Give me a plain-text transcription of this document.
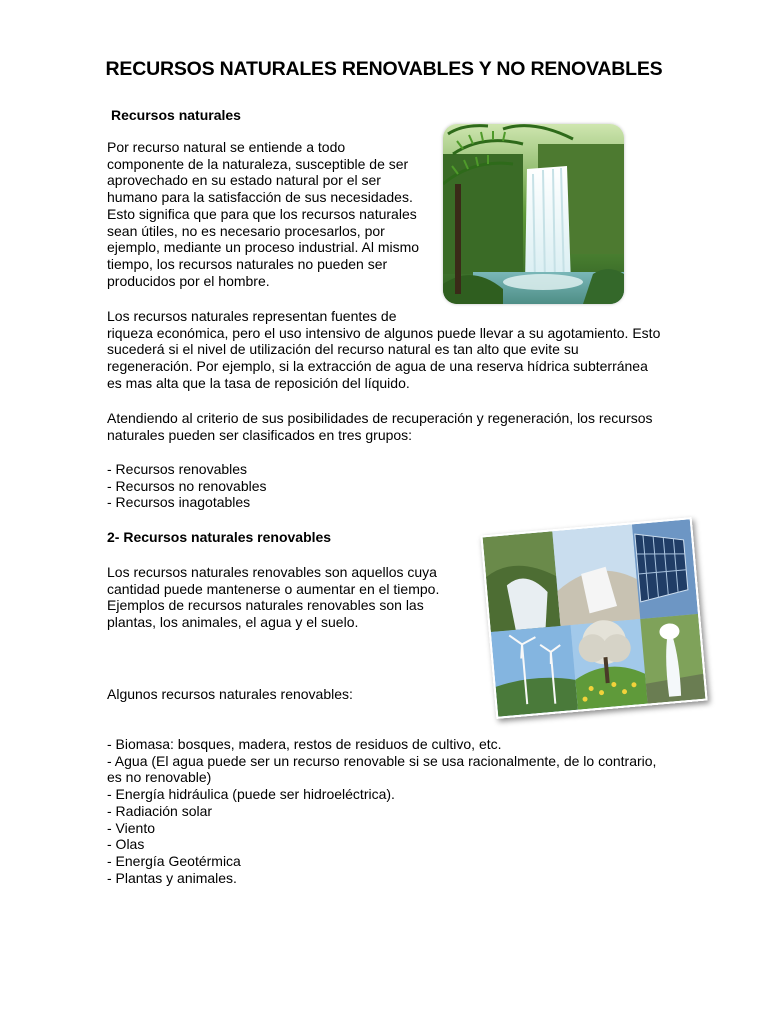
RECURSOS NATURALES RENOVABLES Y NO RENOVABLES
Recursos naturales

Por recurso natural se entiende a todo
componente de la naturaleza, susceptible de ser
aprovechado en su estado natural por el ser
humano para la satisfacción de sus necesidades.
Esto significa que para que los recursos naturales
sean útiles, no es necesario procesarlos, por
ejemplo, mediante un proceso industrial. Al mismo
tiempo, los recursos naturales no pueden ser
producidos por el hombre.

Los recursos naturales representan fuentes de
riqueza económica, pero el uso intensivo de algunos puede llevar a su agotamiento. Esto
sucederá si el nivel de utilización del recurso natural es tan alto que evite su
regeneración. Por ejemplo, si la extracción de agua de una reserva hídrica subterránea
es mas alta que la tasa de reposición del líquido.

Atendiendo al criterio de sus posibilidades de recuperación y regeneración, los recursos
naturales pueden ser clasificados en tres grupos:

- Recursos renovables
- Recursos no renovables
- Recursos inagotables
2- Recursos naturales renovables

Los recursos naturales renovables son aquellos cuya
cantidad puede mantenerse o aumentar en el tiempo.
Ejemplos de recursos naturales renovables son las
plantas, los animales, el agua y el suelo.

Algunos recursos naturales renovables:
- Biomasa: bosques, madera, restos de residuos de cultivo, etc.
- Agua (El agua puede ser un recurso renovable si se usa racionalmente, de lo contrario,
es no renovable)
- Energía hidráulica (puede ser hidroeléctrica).
- Radiación solar
- Viento
- Olas
- Energía Geotérmica
- Plantas y animales.
